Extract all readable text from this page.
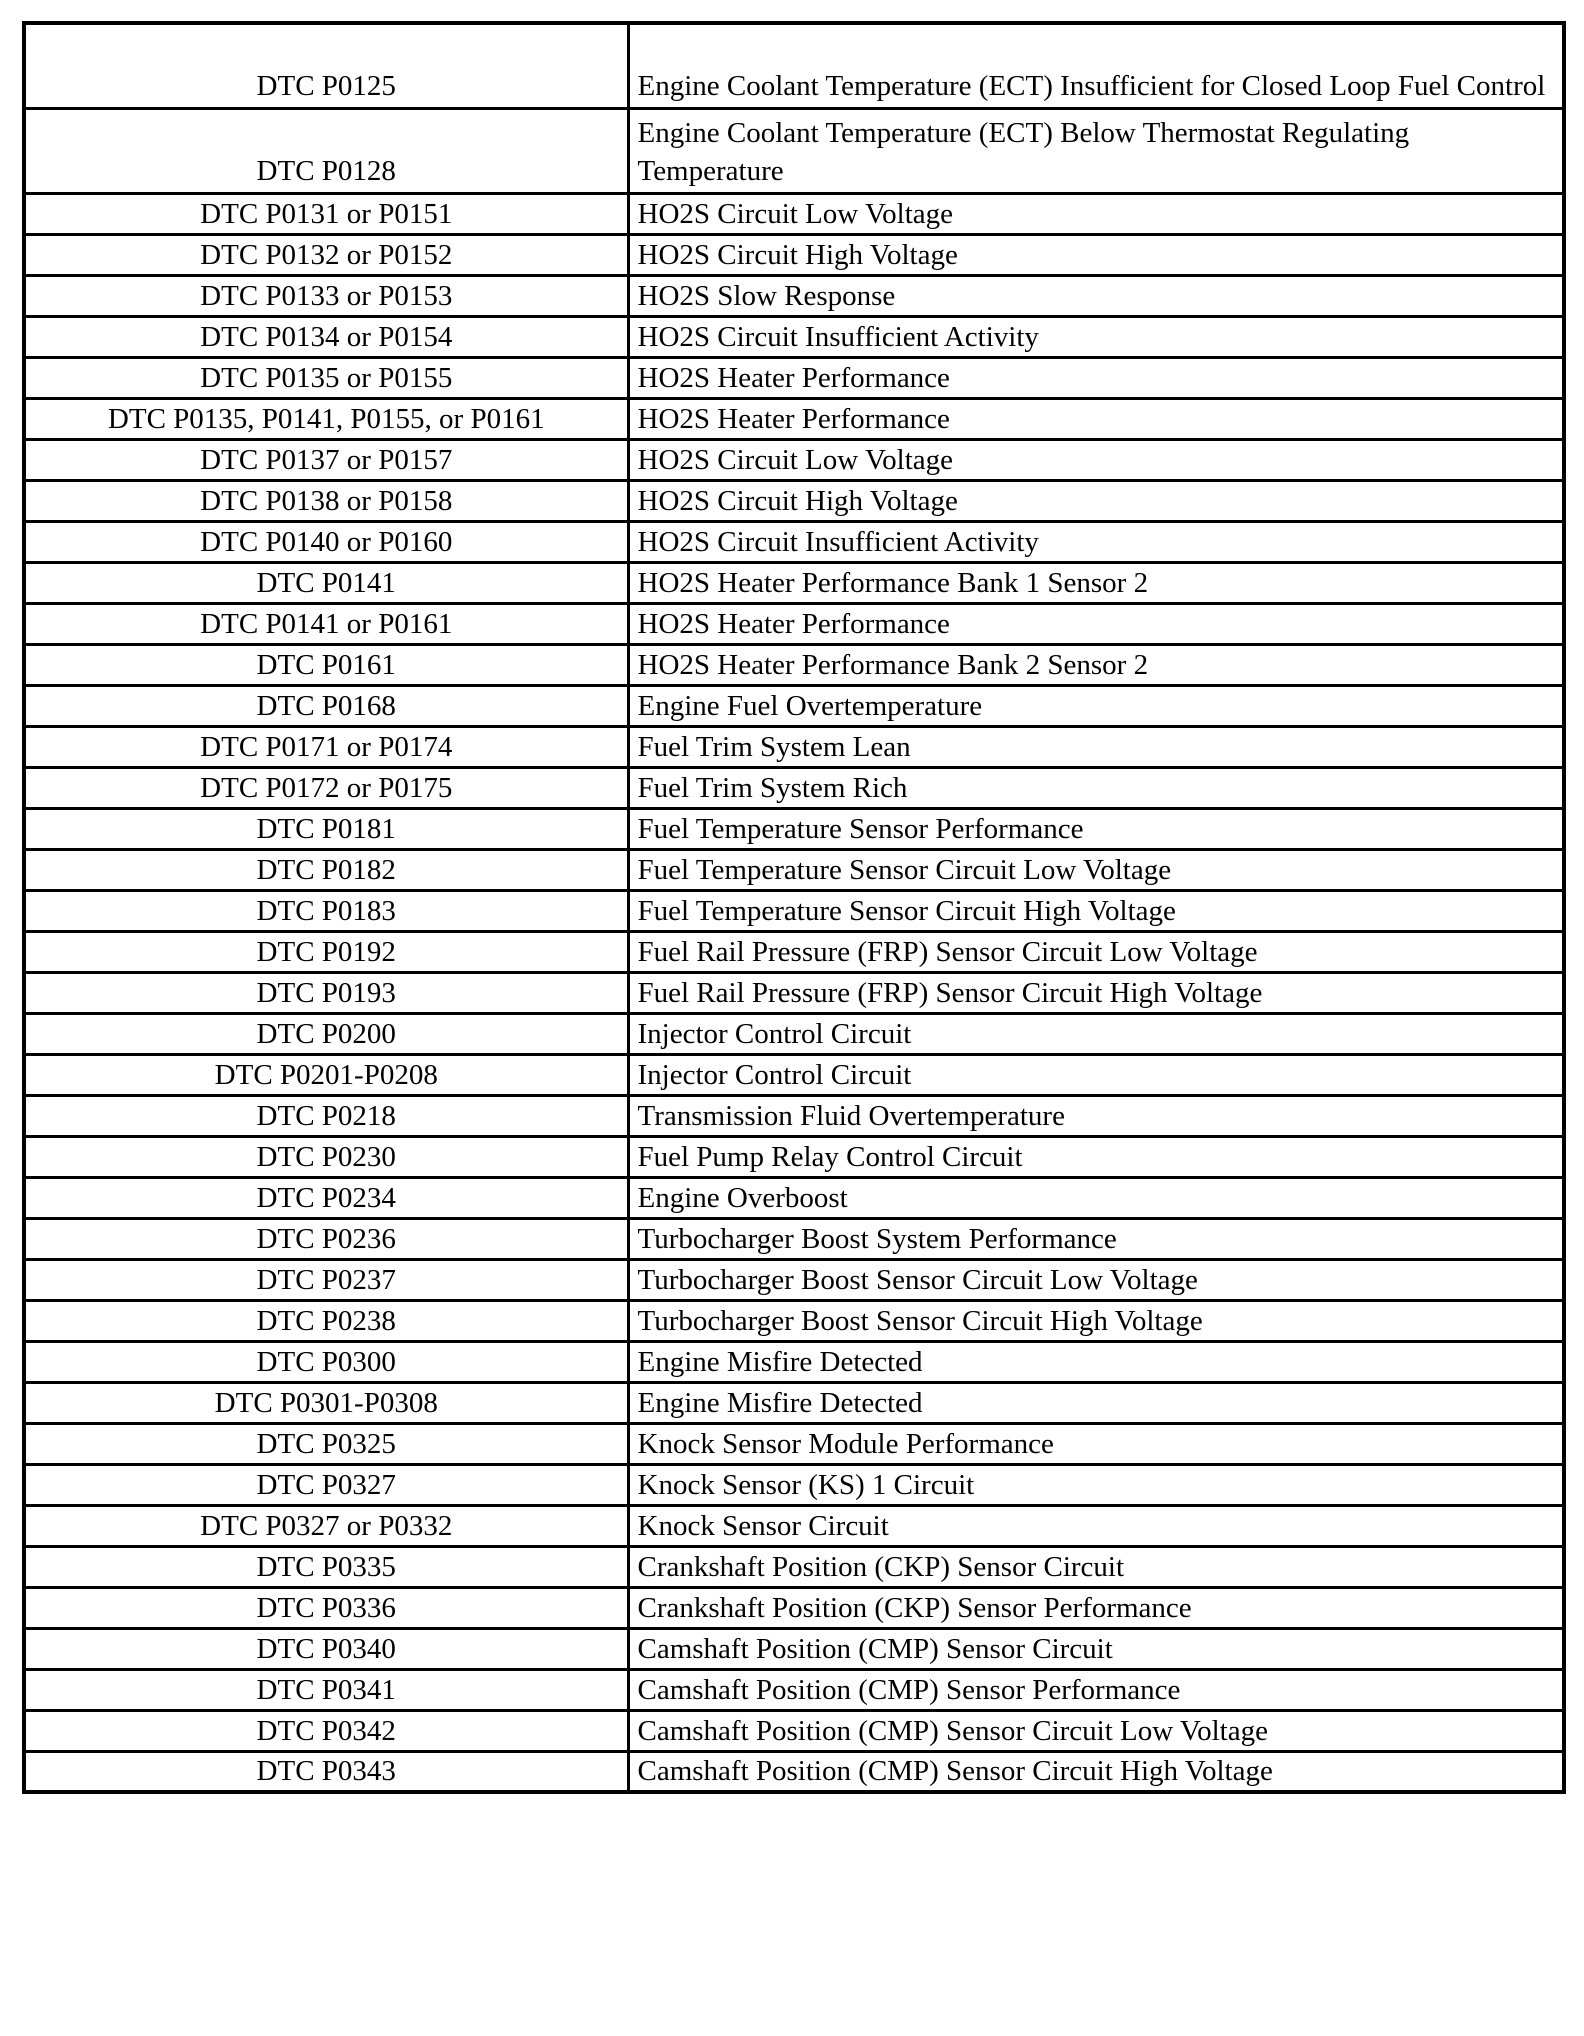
DTC P0125	Engine Coolant Temperature (ECT) Insufficient for Closed Loop Fuel Control
DTC P0128	Engine Coolant Temperature (ECT) Below Thermostat Regulating Temperature
DTC P0131 or P0151	HO2S Circuit Low Voltage
DTC P0132 or P0152	HO2S Circuit High Voltage
DTC P0133 or P0153	HO2S Slow Response
DTC P0134 or P0154	HO2S Circuit Insufficient Activity
DTC P0135 or P0155	HO2S Heater Performance
DTC P0135, P0141, P0155, or P0161	HO2S Heater Performance
DTC P0137 or P0157	HO2S Circuit Low Voltage
DTC P0138 or P0158	HO2S Circuit High Voltage
DTC P0140 or P0160	HO2S Circuit Insufficient Activity
DTC P0141	HO2S Heater Performance Bank 1 Sensor 2
DTC P0141 or P0161	HO2S Heater Performance
DTC P0161	HO2S Heater Performance Bank 2 Sensor 2
DTC P0168	Engine Fuel Overtemperature
DTC P0171 or P0174	Fuel Trim System Lean
DTC P0172 or P0175	Fuel Trim System Rich
DTC P0181	Fuel Temperature Sensor Performance
DTC P0182	Fuel Temperature Sensor Circuit Low Voltage
DTC P0183	Fuel Temperature Sensor Circuit High Voltage
DTC P0192	Fuel Rail Pressure (FRP) Sensor Circuit Low Voltage
DTC P0193	Fuel Rail Pressure (FRP) Sensor Circuit High Voltage
DTC P0200	Injector Control Circuit
DTC P0201-P0208	Injector Control Circuit
DTC P0218	Transmission Fluid Overtemperature
DTC P0230	Fuel Pump Relay Control Circuit
DTC P0234	Engine Overboost
DTC P0236	Turbocharger Boost System Performance
DTC P0237	Turbocharger Boost Sensor Circuit Low Voltage
DTC P0238	Turbocharger Boost Sensor Circuit High Voltage
DTC P0300	Engine Misfire Detected
DTC P0301-P0308	Engine Misfire Detected
DTC P0325	Knock Sensor Module Performance
DTC P0327	Knock Sensor (KS) 1 Circuit
DTC P0327 or P0332	Knock Sensor Circuit
DTC P0335	Crankshaft Position (CKP) Sensor Circuit
DTC P0336	Crankshaft Position (CKP) Sensor Performance
DTC P0340	Camshaft Position (CMP) Sensor Circuit
DTC P0341	Camshaft Position (CMP) Sensor Performance
DTC P0342	Camshaft Position (CMP) Sensor Circuit Low Voltage
DTC P0343	Camshaft Position (CMP) Sensor Circuit High Voltage
